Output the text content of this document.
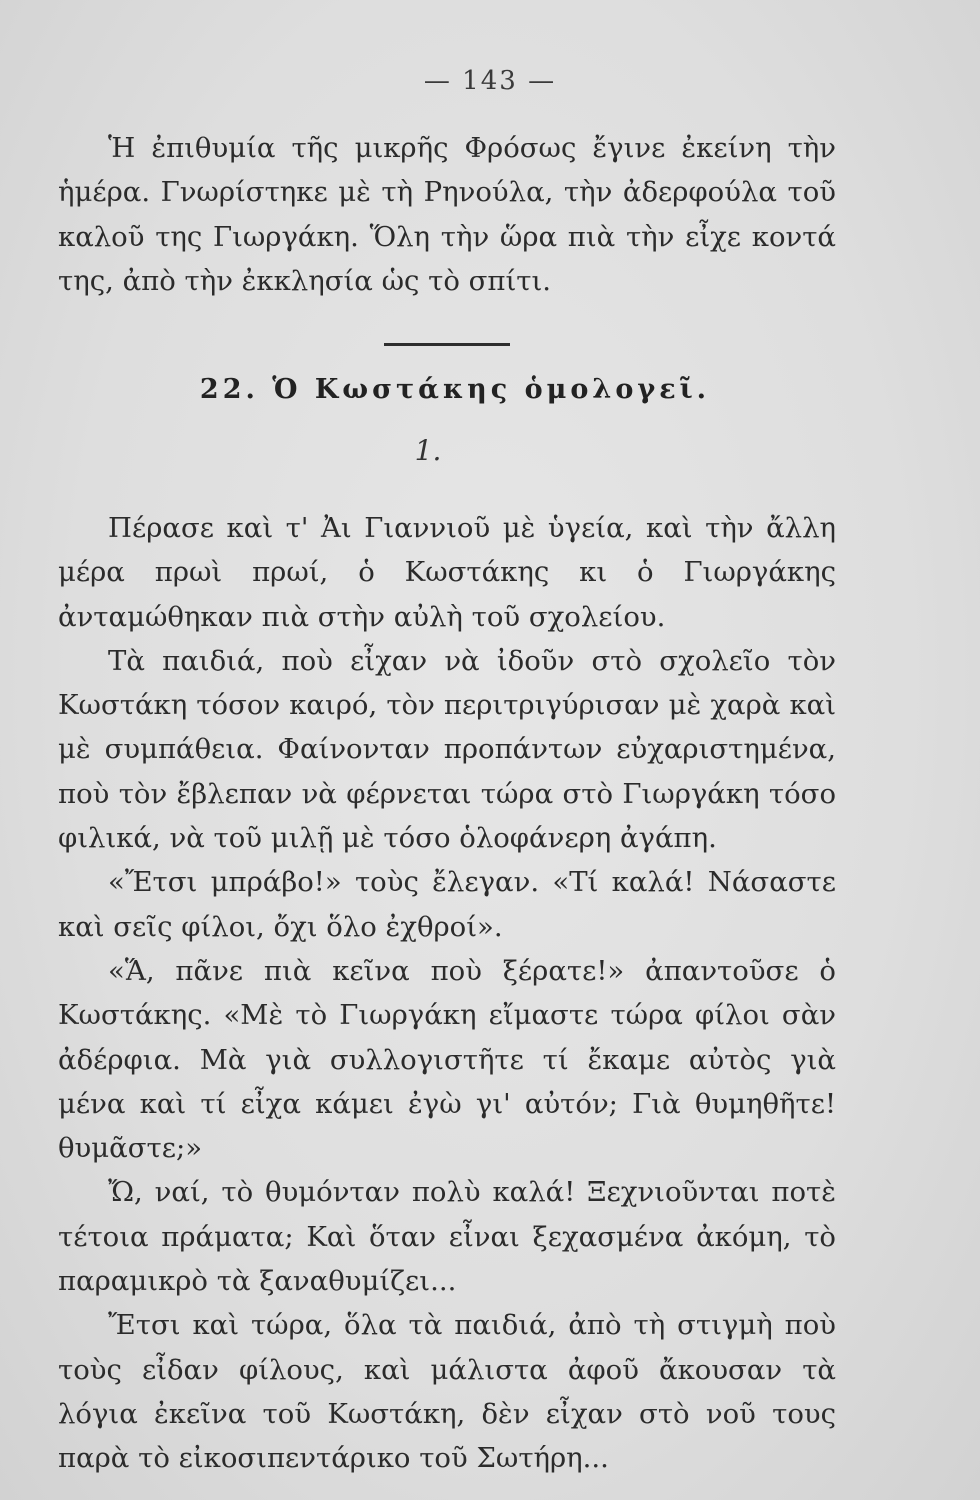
— 143 —

Ἡ ἐπιθυμία τῆς μικρῆς Φρόσως ἔγινε ἐκείνη τὴν ἡμέρα. Γνωρίστηκε μὲ τὴ Ρηνούλα, τὴν ἀδερφούλα τοῦ καλοῦ της Γιωργάκη. Ὅλη τὴν ὥρα πιὰ τὴν εἶχε κοντά της, ἀπὸ τὴν ἐκκλησία ὡς τὸ σπίτι.

22. Ὁ Κωστάκης ὁμολογεῖ.
1.

Πέρασε καὶ τ' Ἀι Γιαννιοῦ μὲ ὑγεία, καὶ τὴν ἄλλη μέρα πρωὶ πρωί, ὁ Κωστάκης κι ὁ Γιωργάκης ἀνταμώθηκαν πιὰ στὴν αὐλὴ τοῦ σχολείου.

Τὰ παιδιά, ποὺ εἶχαν νὰ ἰδοῦν στὸ σχολεῖο τὸν Κωστάκη τόσον καιρό, τὸν περιτριγύρισαν μὲ χαρὰ καὶ μὲ συμπάθεια. Φαίνονταν προπάντων εὐχαριστημένα, ποὺ τὸν ἔβλεπαν νὰ φέρνεται τώρα στὸ Γιωργάκη τόσο φιλικά, νὰ τοῦ μιλῇ μὲ τόσο ὁλοφάνερη ἀγάπη.

«Ἔτσι μπράβο!» τοὺς ἔλεγαν. «Τί καλά! Νάσαστε καὶ σεῖς φίλοι, ὄχι ὅλο ἐχθροί».

«Ἅ, πᾶνε πιὰ κεῖνα ποὺ ξέρατε!» ἀπαντοῦσε ὁ Κωστάκης. «Μὲ τὸ Γιωργάκη εἴμαστε τώρα φίλοι σὰν ἀδέρφια. Μὰ γιὰ συλλογιστῆτε τί ἔκαμε αὐτὸς γιὰ μένα καὶ τί εἶχα κάμει ἐγὼ γι' αὐτόν; Γιὰ θυμηθῆτε! θυμᾶστε;»

Ὤ, ναί, τὸ θυμόνταν πολὺ καλά! Ξεχνιοῦνται ποτὲ τέτοια πράματα; Καὶ ὅταν εἶναι ξεχασμένα ἀκόμη, τὸ παραμικρὸ τὰ ξαναθυμίζει...

Ἔτσι καὶ τώρα, ὅλα τὰ παιδιά, ἀπὸ τὴ στιγμὴ ποὺ τοὺς εἶδαν φίλους, καὶ μάλιστα ἀφοῦ ἄκουσαν τὰ λόγια ἐκεῖνα τοῦ Κωστάκη, δὲν εἶχαν στὸ νοῦ τους παρὰ τὸ εἰκοσιπεντάρικο τοῦ Σωτήρη...
